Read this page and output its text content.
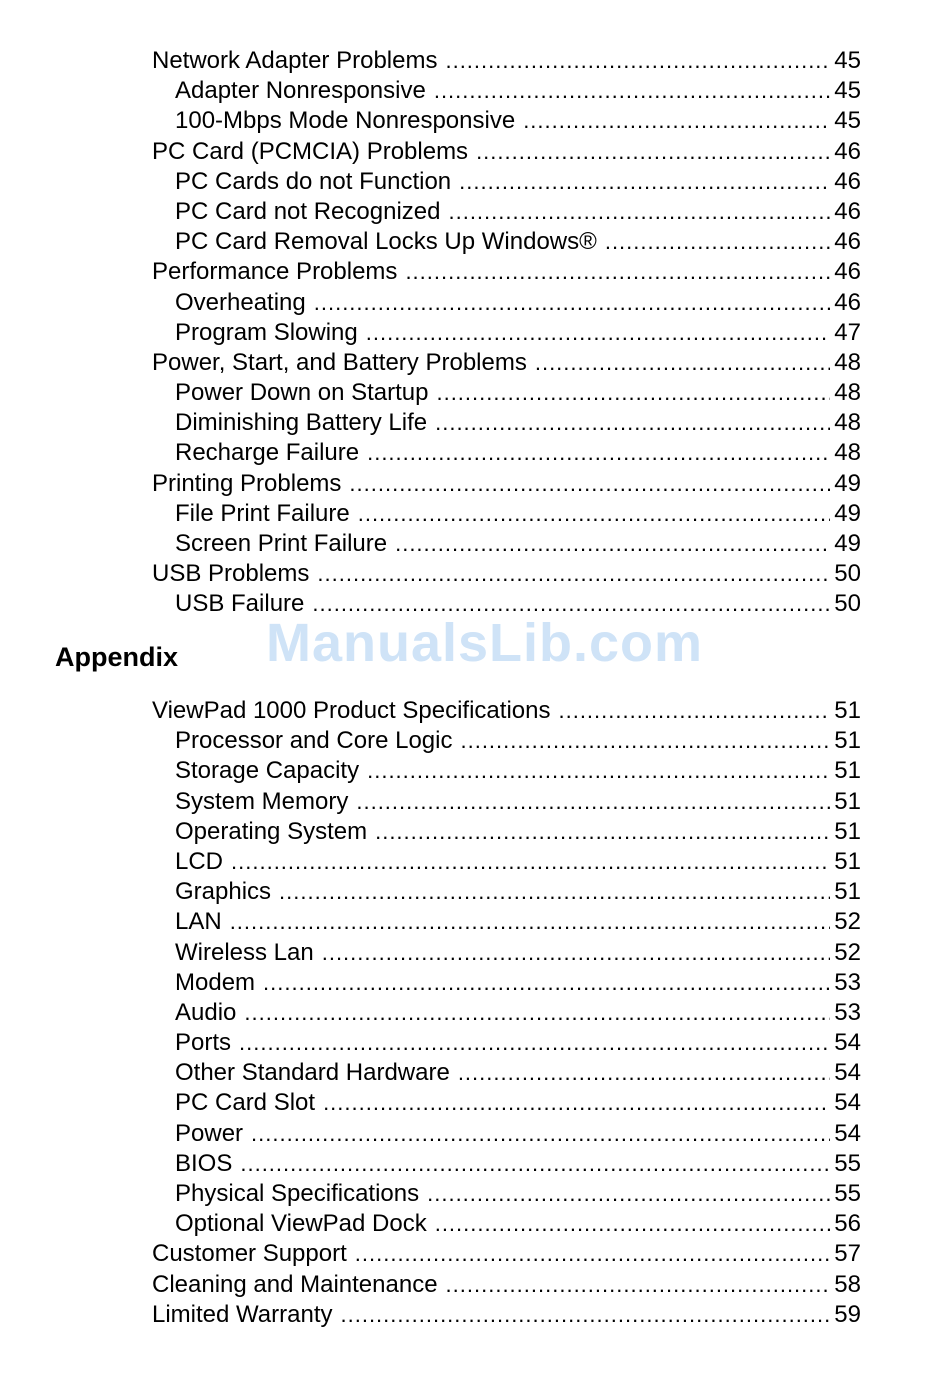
Network Adapter Problems .....	45
Adapter Nonresponsive .....	45
100-Mbps Mode Nonresponsive .....	45
PC Card (PCMCIA) Problems .....	46
PC Cards do not Function .....	46
PC Card not Recognized .....	46
PC Card Removal Locks Up Windows® .....	46
Performance Problems .....	46
Overheating .....	46
Program Slowing .....	47
Power, Start, and Battery Problems .....	48
Power Down on Startup .....	48
Diminishing Battery Life .....	48
Recharge Failure .....	48
Printing Problems .....	49
File Print Failure .....	49
Screen Print Failure .....	49
USB Problems .....	50
USB Failure .....	50
ManualsLib.com
Appendix
ViewPad 1000 Product Specifications .....	51
Processor and Core Logic .....	51
Storage Capacity .....	51
System Memory .....	51
Operating System .....	51
LCD .....	51
Graphics .....	51
LAN .....	52
Wireless Lan .....	52
Modem .....	53
Audio .....	53
Ports .....	54
Other Standard Hardware .....	54
PC Card Slot .....	54
Power .....	54
BIOS .....	55
Physical Specifications .....	55
Optional ViewPad Dock .....	56
Customer Support .....	57
Cleaning and Maintenance .....	58
Limited Warranty .....	59
